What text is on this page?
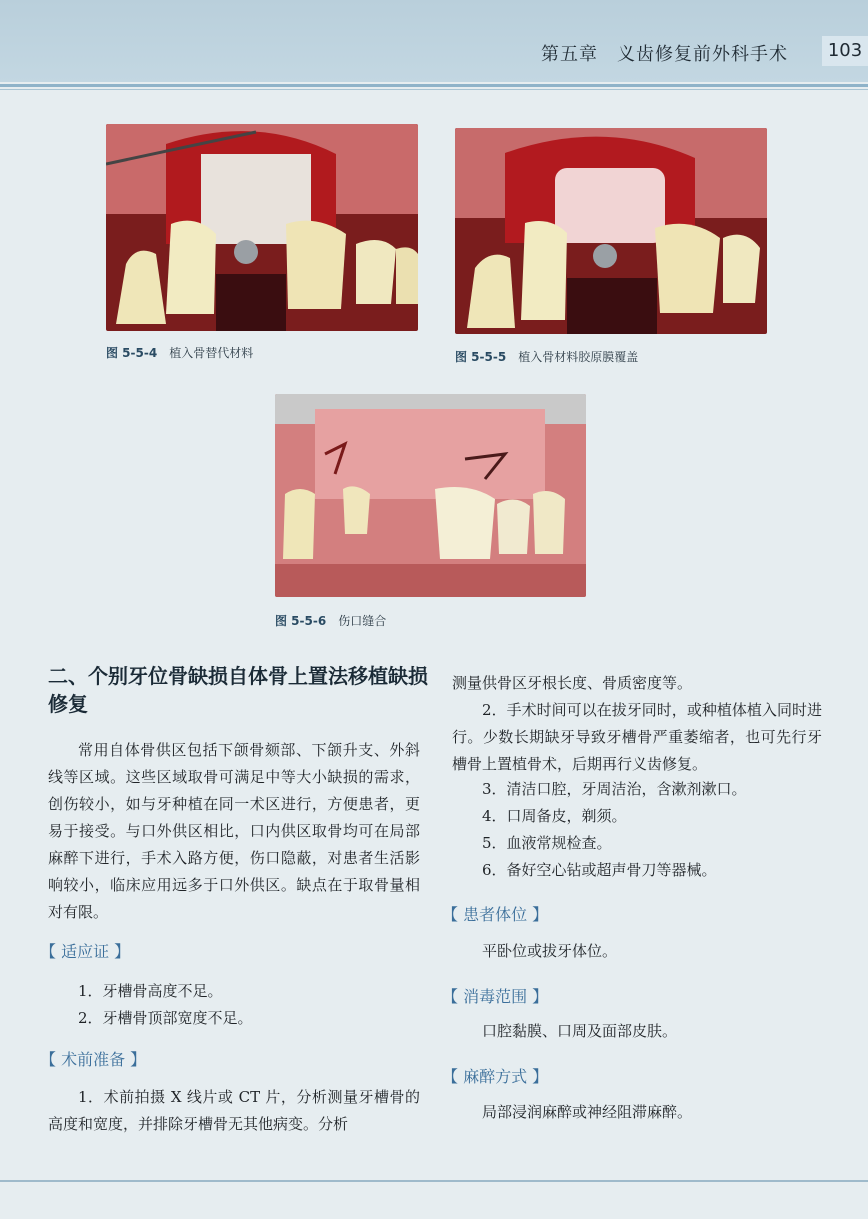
第五章　义齿修复前外科手术	103
图 5-5-4 植入骨替代材料	图 5-5-5 植入骨材料胶原膜覆盖
图 5-5-6 伤口缝合
二、个别牙位骨缺损自体骨上置法移植缺损修复
常用自体骨供区包括下颌骨颏部、下颌升支、外斜线等区域。这些区域取骨可满足中等大小缺损的需求，创伤较小，如与牙种植在同一术区进行，方便患者，更易于接受。与口外供区相比，口内供区取骨均可在局部麻醉下进行，手术入路方便，伤口隐蔽，对患者生活影响较小，临床应用远多于口外供区。缺点在于取骨量相对有限。
【 适应证 】
1．牙槽骨高度不足。
2．牙槽骨顶部宽度不足。
【 术前准备 】
1．术前拍摄 X 线片或 CT 片，分析测量牙槽骨的高度和宽度，并排除牙槽骨无其他病变。分析
测量供骨区牙根长度、骨质密度等。
2．手术时间可以在拔牙同时，或种植体植入同时进行。少数长期缺牙导致牙槽骨严重萎缩者，也可先行牙槽骨上置植骨术，后期再行义齿修复。
3．清洁口腔，牙周洁治，含漱剂漱口。
4．口周备皮，剃须。
5．血液常规检查。
6．备好空心钻或超声骨刀等器械。
【 患者体位 】
平卧位或拔牙体位。
【 消毒范围 】
口腔黏膜、口周及面部皮肤。
【 麻醉方式 】
局部浸润麻醉或神经阻滞麻醉。
